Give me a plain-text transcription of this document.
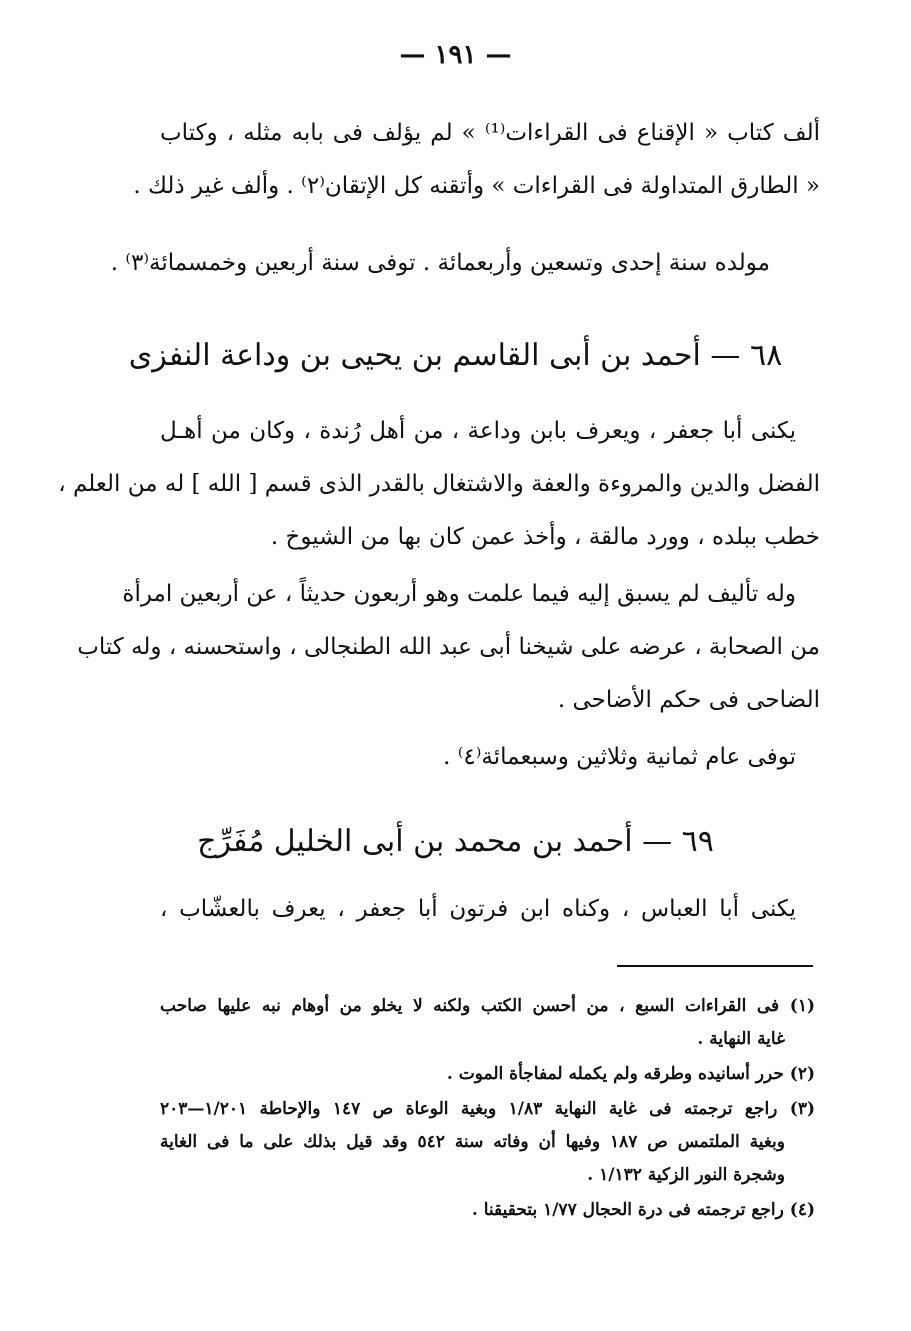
— ١٩١ —
ألف كتاب « الإقناع فى القراءات⁽¹⁾ » لم يؤلف فى بابه مثله ، وكتاب
« الطارق المتداولة فى القراءات » وأتقنه كل الإتقان⁽٢⁾ . وألف غير ذلك .
مولده سنة إحدى وتسعين وأربعمائة . توفى سنة أربعين وخمسمائة⁽٣⁾ .
٦٨ — أحمد بن أبى القاسم بن يحيى بن وداعة النفزى
يكنى أبا جعفر ، ويعرف بابن وداعة ، من أهل رُندة ، وكان من أهـل
الفضل والدين والمروءة والعفة والاشتغال بالقدر الذى قسم [ الله ] له من العلم ،
خطب ببلده ، وورد مالقة ، وأخذ عمن كان بها من الشيوخ .
وله تأليف لم يسبق إليه فيما علمت وهو أربعون حديثاً ، عن أربعين امرأة
من الصحابة ، عرضه على شيخنا أبى عبد الله الطنجالى ، واستحسنه ، وله كتاب
الضاحى فى حكم الأضاحى .
توفى عام ثمانية وثلاثين وسبعمائة⁽٤⁾ .
٦٩ — أحمد بن محمد بن أبى الخليل مُفَرِّج
يكنى أبا العباس ، وكناه ابن فرتون أبا جعفر ، يعرف بالعشّاب ،
(١) فى القراءات السبع ، من أحسن الكتب ولكنه لا يخلو من أوهام نبه عليها صاحب
غاية النهاية .
(٢) حرر أسانيده وطرقه ولم يكمله لمفاجأة الموت .
(٣) راجع ترجمته فى غاية النهاية ١/٨٣ وبغية الوعاة ص ١٤٧ والإحاطة ١/٢٠١—٢٠٣
وبغية الملتمس ص ١٨٧ وفيها أن وفاته سنة ٥٤٢ وقد قيل بذلك على ما فى الغاية
وشجرة النور الزكية ١/١٣٢ .
(٤) راجع ترجمته فى درة الحجال ١/٧٧ بتحقيقنا .
